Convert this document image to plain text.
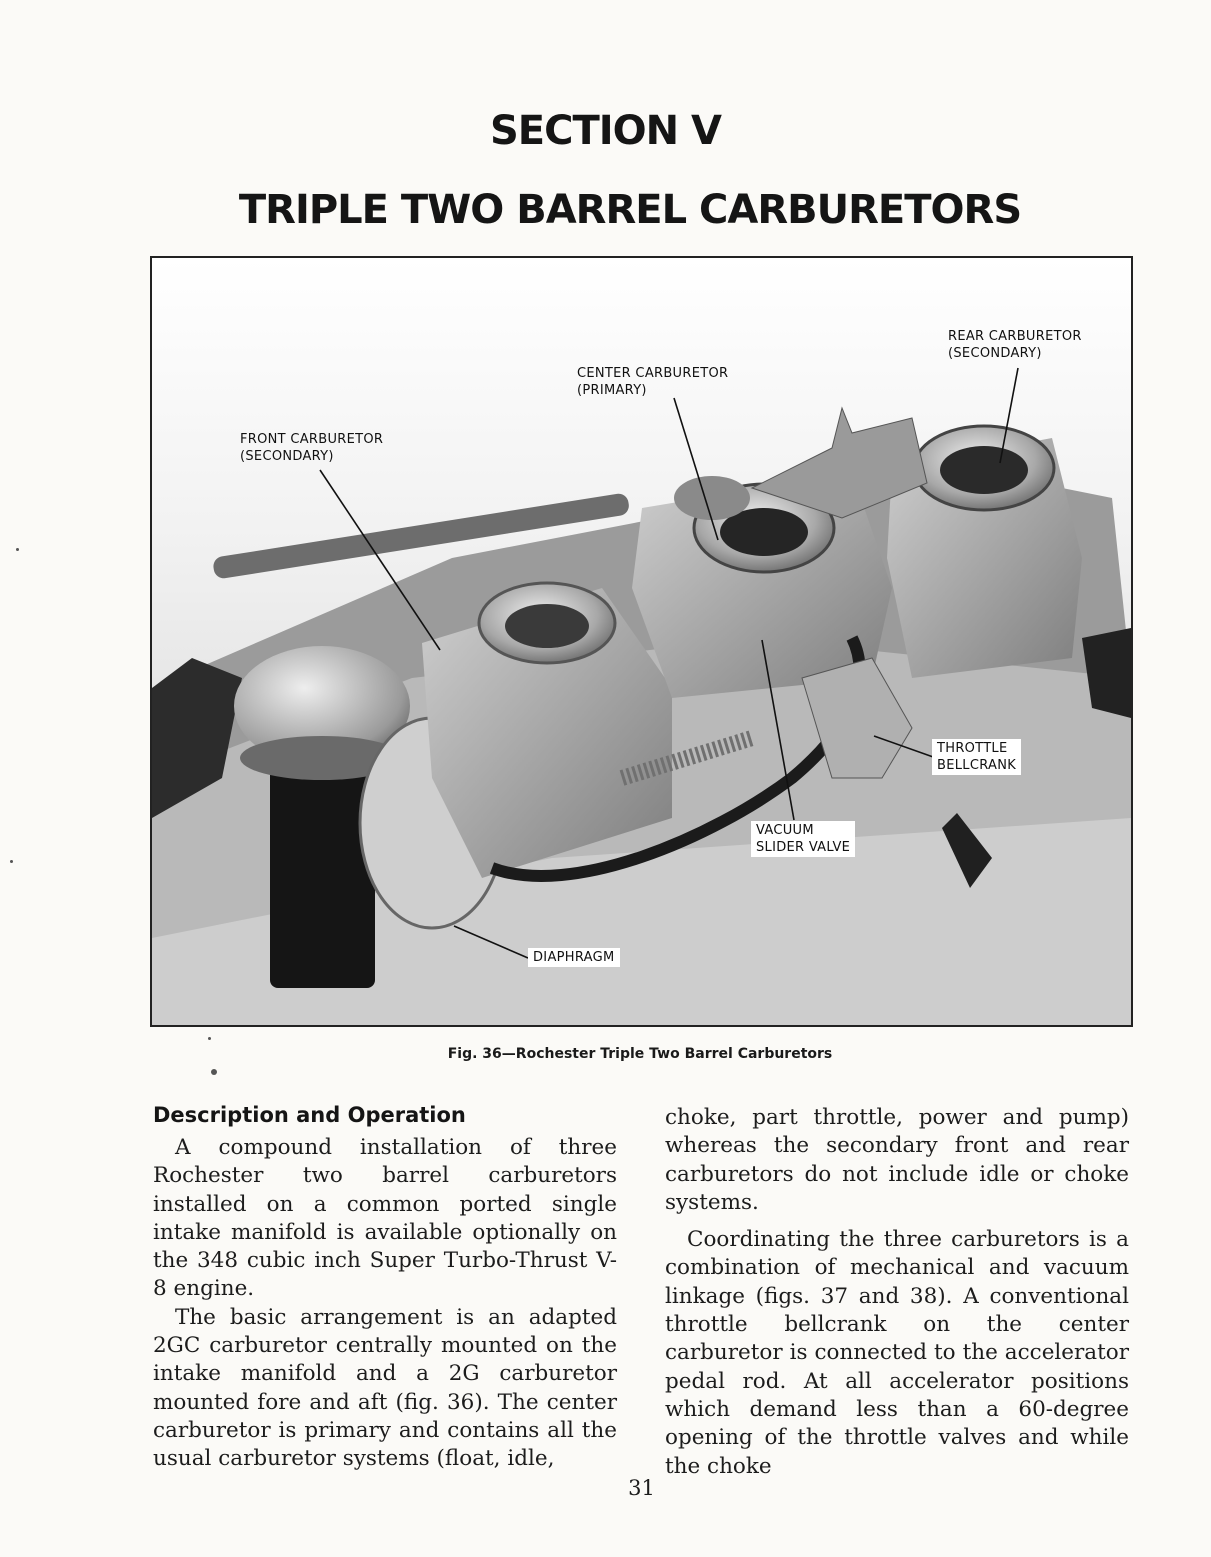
SECTION V
TRIPLE TWO BARREL CARBURETORS
REAR CARBURETOR
(SECONDARY)
CENTER CARBURETOR
(PRIMARY)
FRONT CARBURETOR
(SECONDARY)
THROTTLE
BELLCRANK
VACUUM
SLIDER VALVE
DIAPHRAGM
Fig. 36—Rochester Triple Two Barrel Carburetors
Description and Operation

A compound installation of three Rochester two barrel carburetors installed on a common ported single intake manifold is available optionally on the 348 cubic inch Super Turbo-Thrust V-8 engine.

The basic arrangement is an adapted 2GC carburetor centrally mounted on the intake manifold and a 2G carburetor mounted fore and aft (fig. 36). The center carburetor is primary and contains all the usual carburetor systems (float, idle,

choke, part throttle, power and pump) whereas the secondary front and rear carburetors do not include idle or choke systems.

Coordinating the three carburetors is a combination of mechanical and vacuum linkage (figs. 37 and 38). A conventional throttle bellcrank on the center carburetor is connected to the accelerator pedal rod. At all accelerator positions which demand less than a 60-degree opening of the throttle valves and while the choke

31
